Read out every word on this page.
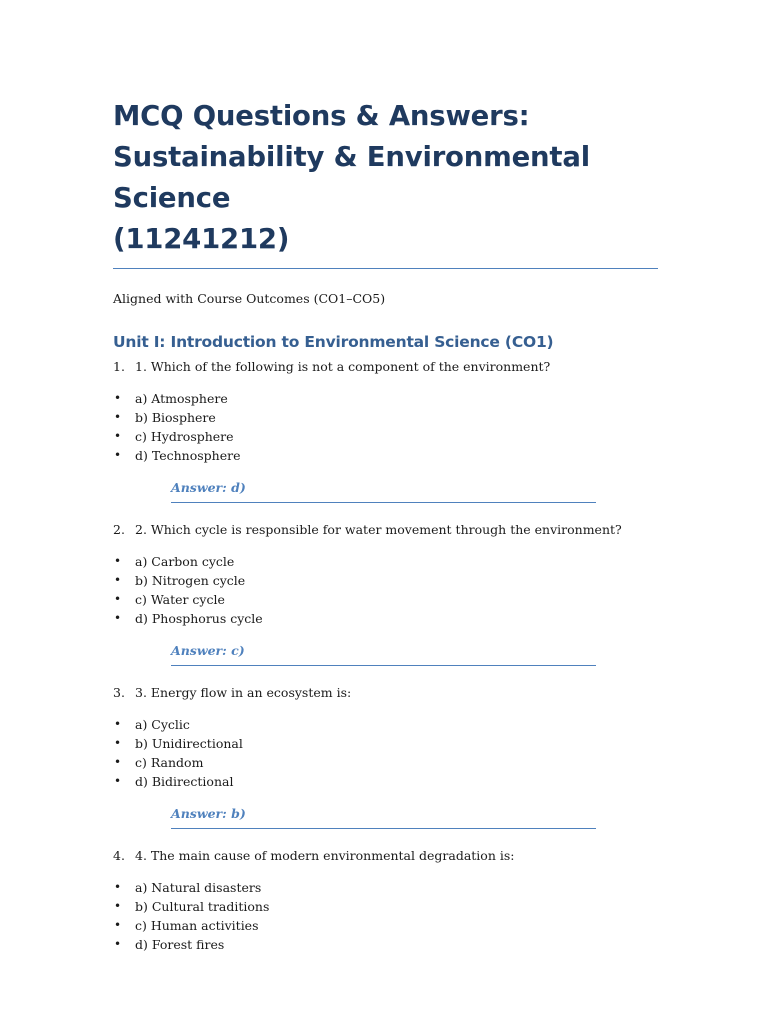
MCQ Questions & Answers:
Sustainability & Environmental Science
(11241212)

Aligned with Course Outcomes (CO1–CO5)

Unit I: Introduction to Environmental Science (CO1)
1. 1. Which of the following is not a component of the environment?
• a) Atmosphere
• b) Biosphere
• c) Hydrosphere
• d) Technosphere
Answer: d)
2. 2. Which cycle is responsible for water movement through the environment?
• a) Carbon cycle
• b) Nitrogen cycle
• c) Water cycle
• d) Phosphorus cycle
Answer: c)
3. 3. Energy flow in an ecosystem is:
• a) Cyclic
• b) Unidirectional
• c) Random
• d) Bidirectional
Answer: b)
4. 4. The main cause of modern environmental degradation is:
• a) Natural disasters
• b) Cultural traditions
• c) Human activities
• d) Forest fires
